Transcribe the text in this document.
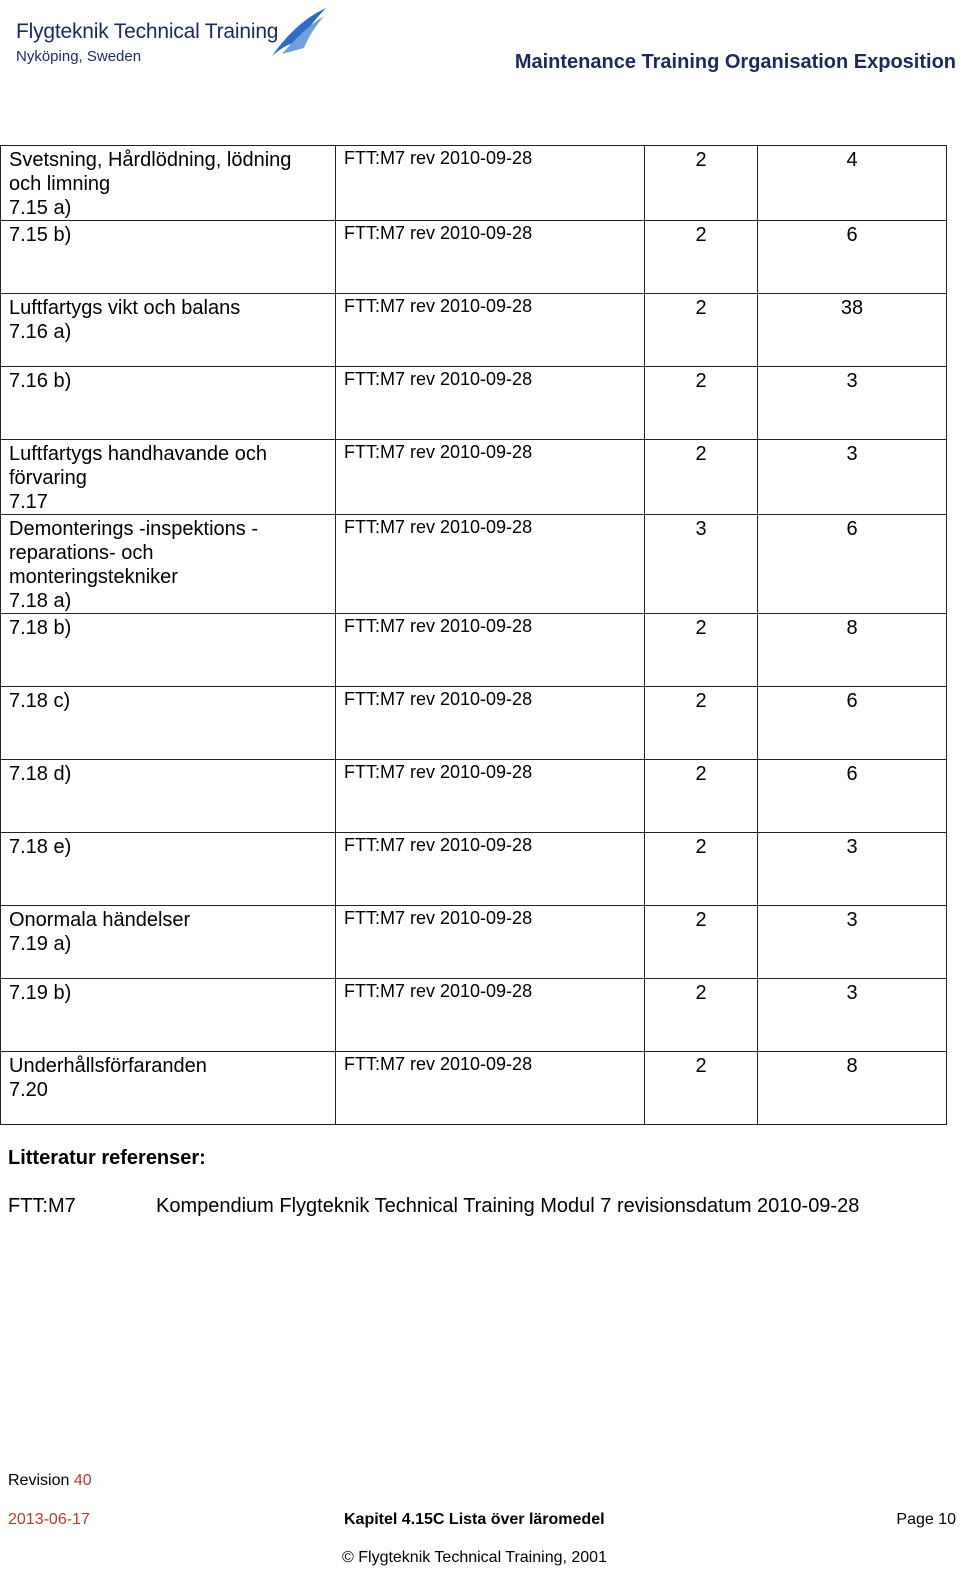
Flygteknik Technical Training
Nyköping, Sweden	Maintenance Training Organisation Exposition
Svetsning, Hårdlödning, lödning och limning
7.15 a)	FTT:M7 rev 2010-09-28	2	4

7.15 b)	FTT:M7 rev 2010-09-28	2	6

Luftfartygs vikt och balans
7.16 a)	FTT:M7 rev 2010-09-28	2	38

7.16 b)	FTT:M7 rev 2010-09-28	2	3

Luftfartygs handhavande och förvaring
7.17	FTT:M7 rev 2010-09-28	2	3

Demonterings -inspektions - reparations- och monteringstekniker
7.18 a)	FTT:M7 rev 2010-09-28	3	6

7.18 b)	FTT:M7 rev 2010-09-28	2	8

7.18 c)	FTT:M7 rev 2010-09-28	2	6

7.18 d)	FTT:M7 rev 2010-09-28	2	6

7.18 e)	FTT:M7 rev 2010-09-28	2	3

Onormala händelser
7.19 a)	FTT:M7 rev 2010-09-28	2	3

7.19 b)	FTT:M7 rev 2010-09-28	2	3

Underhållsförfaranden
7.20	FTT:M7 rev 2010-09-28	2	8
Litteratur referenser:
FTT:M7	Kompendium Flygteknik Technical Training Modul 7 revisionsdatum 2010-09-28
Revision 40
2013-06-17	Kapitel 4.15C Lista över läromedel	Page 10
© Flygteknik Technical Training, 2001
